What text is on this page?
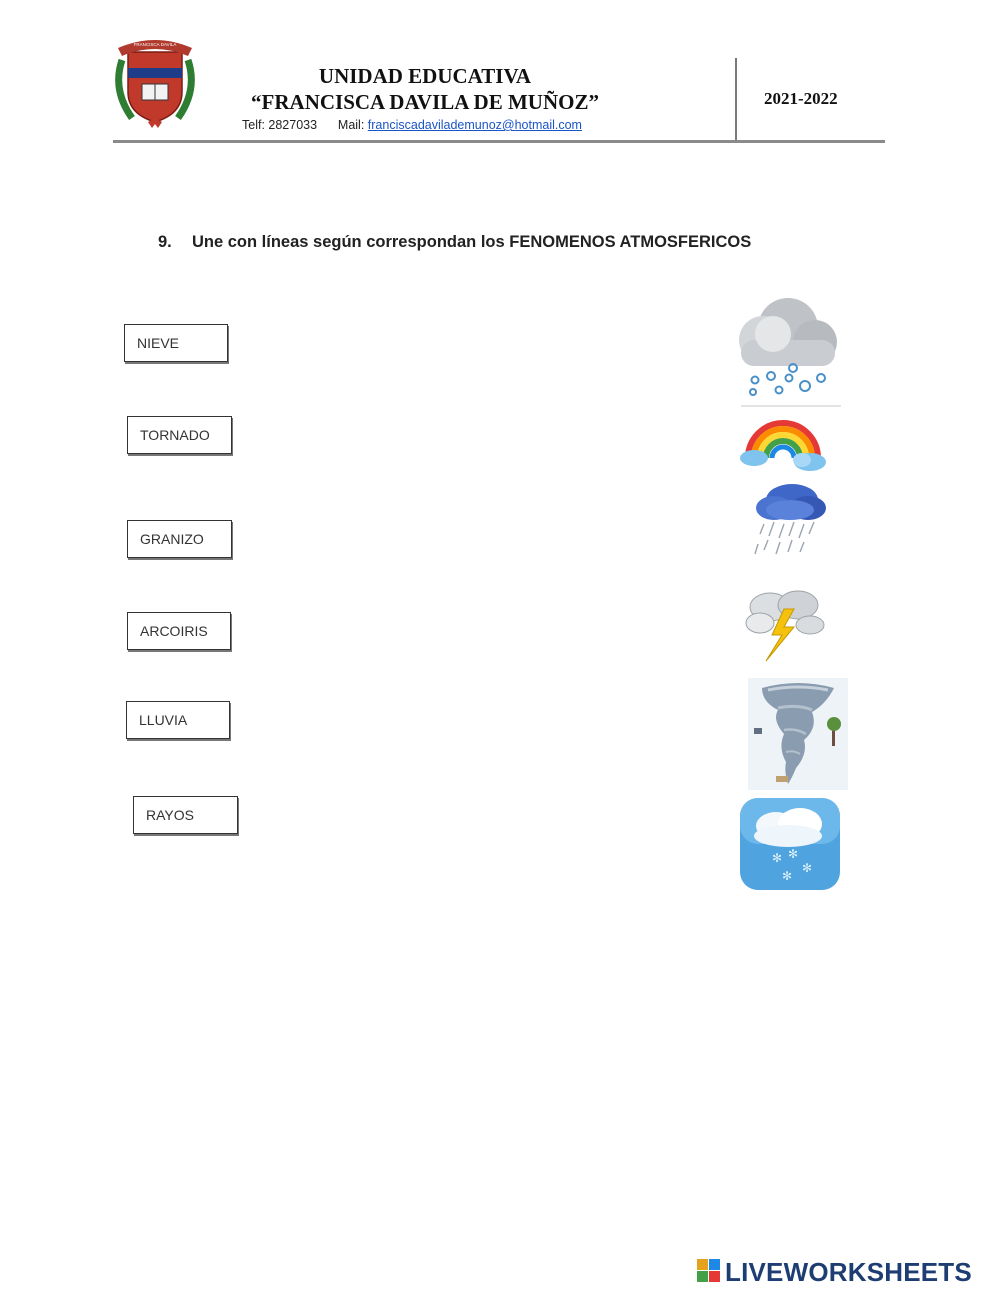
FRANCISCA DAVILA
UNIDAD EDUCATIVA
“FRANCISCA DAVILA DE MUÑOZ”
Telf: 2827033 Mail: franciscadavilademunoz@hotmail.com
2021-2022
9. Une con líneas según correspondan los FENOMENOS ATMOSFERICOS
NIEVE
TORNADO
GRANIZO
ARCOIRIS
LLUVIA
RAYOS
✻ ✻
✻
✻
LIVEWORKSHEETS
